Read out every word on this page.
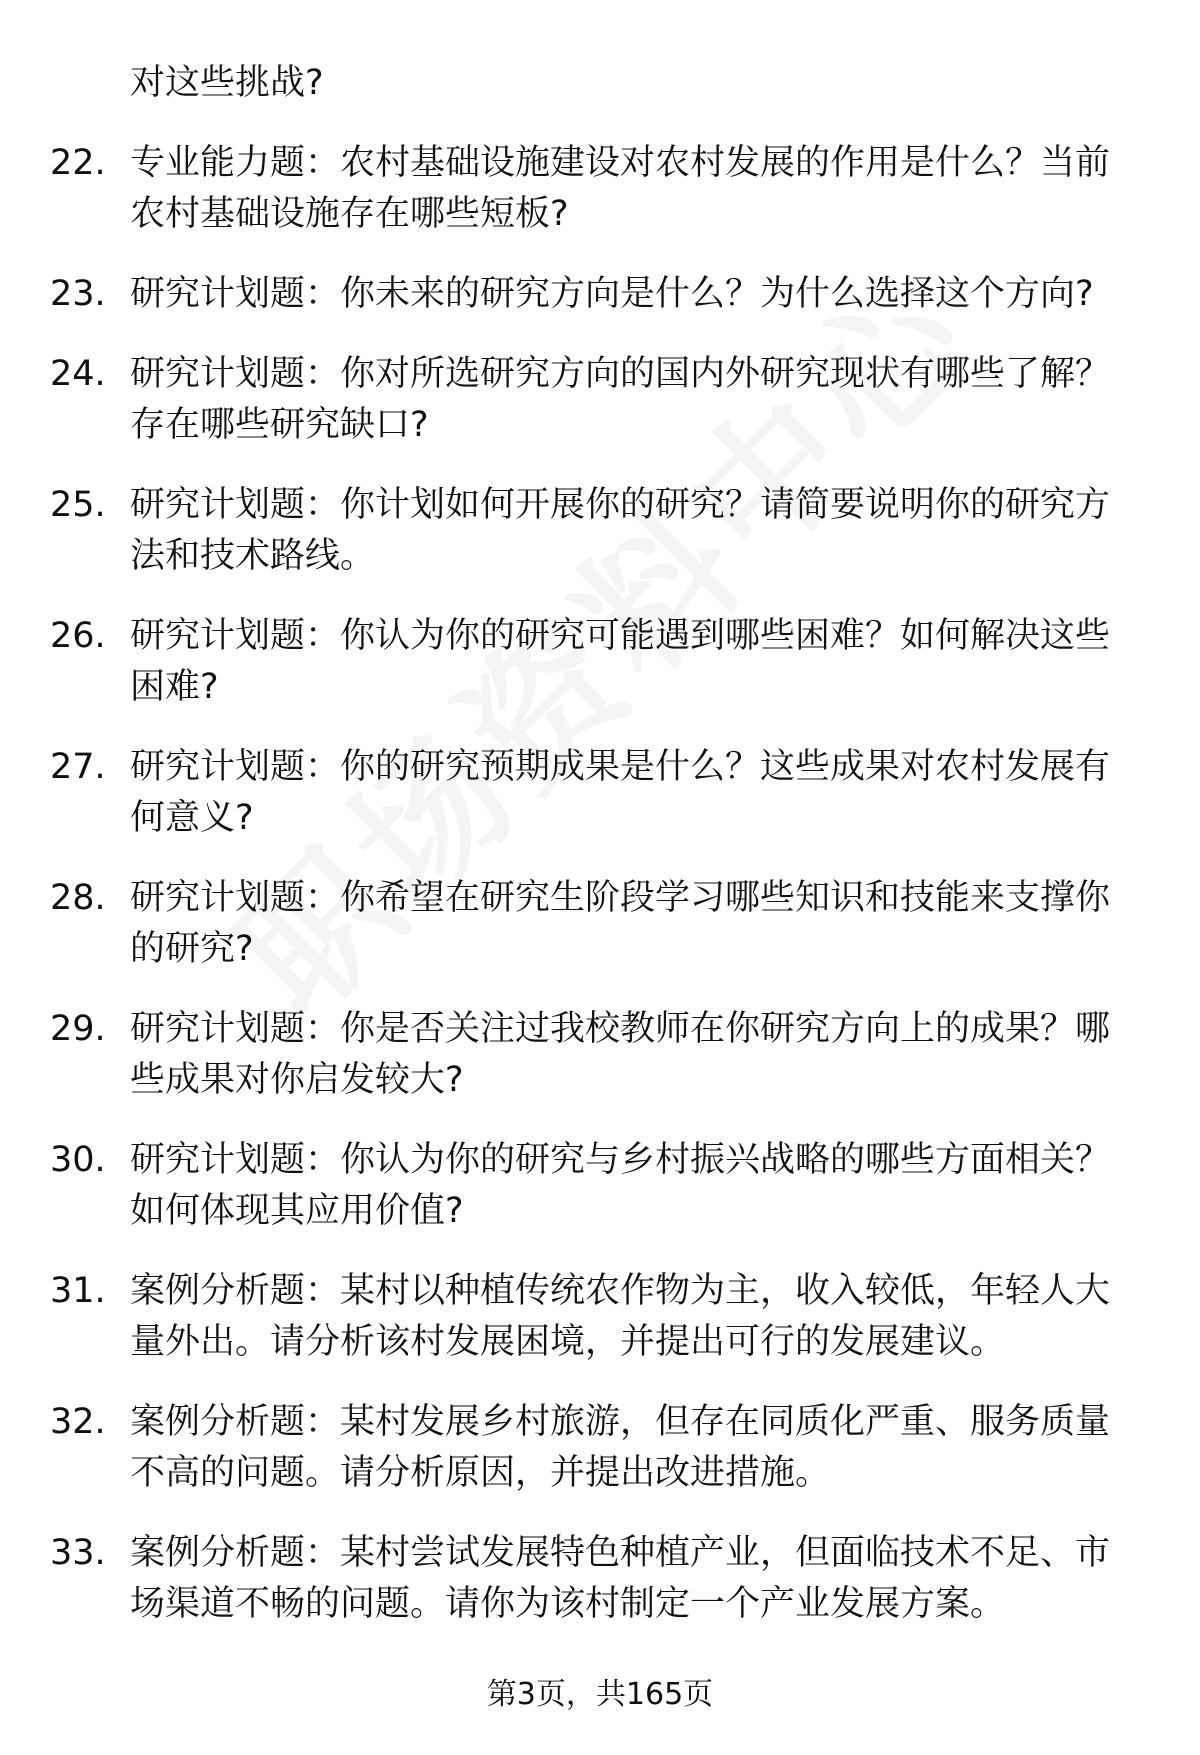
对这些挑战?
22. 专业能力题：农村基础设施建设对农村发展的作用是什么？当前农村基础设施存在哪些短板?
23. 研究计划题：你未来的研究方向是什么？为什么选择这个方向?
24. 研究计划题：你对所选研究方向的国内外研究现状有哪些了解？存在哪些研究缺口?
25. 研究计划题：你计划如何开展你的研究？请简要说明你的研究方法和技术路线。
26. 研究计划题：你认为你的研究可能遇到哪些困难？如何解决这些困难?
27. 研究计划题：你的研究预期成果是什么？这些成果对农村发展有何意义?
28. 研究计划题：你希望在研究生阶段学习哪些知识和技能来支撑你的研究?
29. 研究计划题：你是否关注过我校教师在你研究方向上的成果？哪些成果对你启发较大?
30. 研究计划题：你认为你的研究与乡村振兴战略的哪些方面相关？如何体现其应用价值?
31. 案例分析题：某村以种植传统农作物为主，收入较低，年轻人大量外出。请分析该村发展困境，并提出可行的发展建议。
32. 案例分析题：某村发展乡村旅游，但存在同质化严重、服务质量不高的问题。请分析原因，并提出改进措施。
33. 案例分析题：某村尝试发展特色种植产业，但面临技术不足、市场渠道不畅的问题。请你为该村制定一个产业发展方案。
第3页，共165页
